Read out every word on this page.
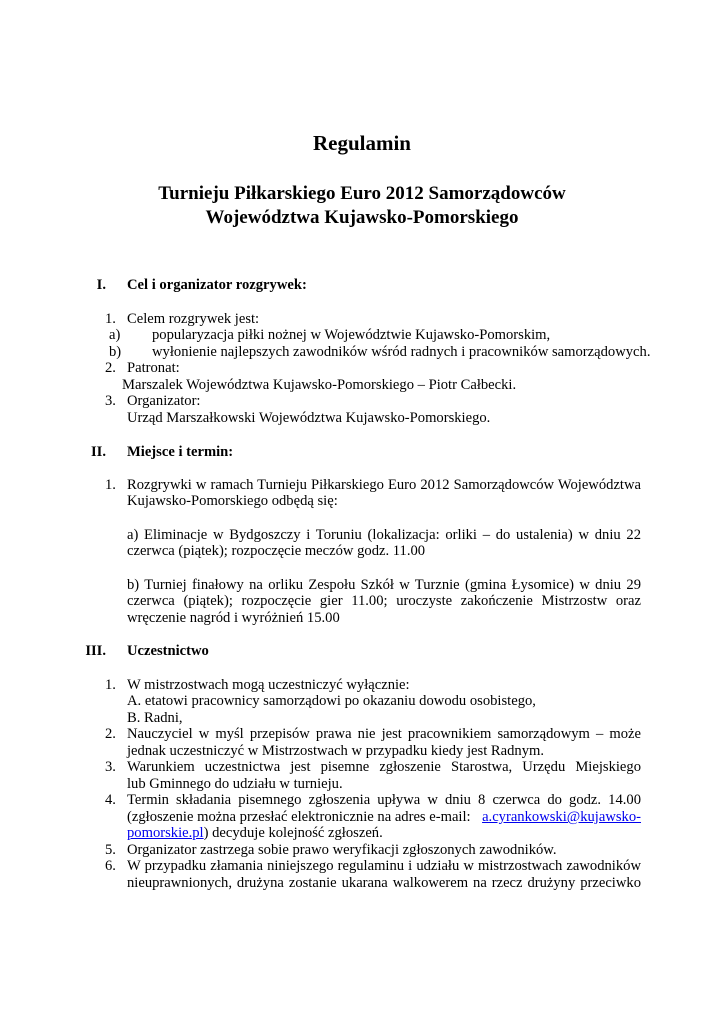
Regulamin
Turnieju Piłkarskiego Euro 2012 Samorządowców
Województwa Kujawsko-Pomorskiego
I. Cel i organizator rozgrywek:
1. Celem rozgrywek jest:
a) popularyzacja piłki nożnej w Województwie Kujawsko-Pomorskim,
b) wyłonienie najlepszych zawodników wśród radnych i pracowników samorządowych.
2. Patronat:
Marszalek Województwa Kujawsko-Pomorskiego – Piotr Całbecki.
3. Organizator:
Urząd Marszałkowski Województwa Kujawsko-Pomorskiego.
II. Miejsce i termin:
1. Rozgrywki w ramach Turnieju Piłkarskiego Euro 2012 Samorządowców Województwa
Kujawsko-Pomorskiego odbędą się:
a) Eliminacje w Bydgoszczy i Toruniu (lokalizacja: orliki – do ustalenia) w dniu 22
czerwca (piątek); rozpoczęcie meczów godz. 11.00
b) Turniej finałowy na orliku Zespołu Szkół w Turznie (gmina Łysomice) w dniu 29
czerwca (piątek); rozpoczęcie gier 11.00; uroczyste zakończenie Mistrzostw oraz
wręczenie nagród i wyróżnień 15.00
III. Uczestnictwo
1. W mistrzostwach mogą uczestniczyć wyłącznie:
A. etatowi pracownicy samorządowi po okazaniu dowodu osobistego,
B. Radni,
2. Nauczyciel w myśl przepisów prawa nie jest pracownikiem samorządowym – może
jednak uczestniczyć w Mistrzostwach w przypadku kiedy jest Radnym.
3. Warunkiem uczestnictwa jest pisemne zgłoszenie Starostwa, Urzędu Miejskiego
lub Gminnego do udziału w turnieju.
4. Termin składania pisemnego zgłoszenia upływa w dniu 8 czerwca do godz. 14.00
(zgłoszenie można przesłać elektronicznie na adres e-mail: a.cyrankowski@kujawsko-
pomorskie.pl) decyduje kolejność zgłoszeń.
5. Organizator zastrzega sobie prawo weryfikacji zgłoszonych zawodników.
6. W przypadku złamania niniejszego regulaminu i udziału w mistrzostwach zawodników
nieuprawnionych, drużyna zostanie ukarana walkowerem na rzecz drużyny przeciwko
